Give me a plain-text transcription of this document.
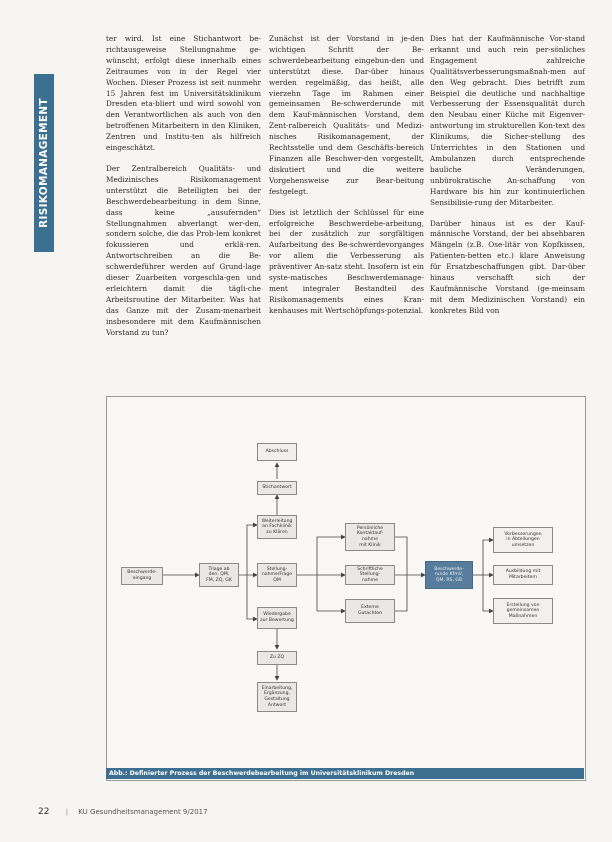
RISIKOMANAGEMENT

ter wird. Ist eine Stichantwort be-richtausgeweise Stellungnahme ge-wünscht, erfolgt diese innerhalb eines Zeitraumes von in der Regel vier Wochen. Dieser Prozess ist seit nunmehr 15 Jahren fest im Universitätsklinikum Dresden eta-bliert und wird sowohl von den Verantwortlichen als auch von den betroffenen Mitarbeitern in den Kliniken, Zentren und Institu-ten als hilfreich eingeschätzt.

Der Zentralbereich Qualitäts- und Medizinisches Risikomanagement unterstützt die Beteiligten bei der Beschwerdebearbeitung in dem Sinne, dass keine „ausufernden“ Stellungnahmen abverlangt wer-den, sondern solche, die das Prob-lem konkret fokussieren und erklä-ren. Antwortschreiben an die Be-schwerdeführer werden auf Grund-lage dieser Zuarbeiten vorgeschla-gen und erleichtern damit die tägli-che Arbeitsroutine der Mitarbeiter. Was hat das Ganze mit der Zusam-menarbeit insbesondere mit dem Kaufmännischen Vorstand zu tun?

Zunächst ist der Vorstand in je-den wichtigen Schritt der Be-schwerdebearbeitung eingebun-den und unterstützt diese. Dar-über hinaus werden regelmäßig, das heißt, alle vierzehn Tage im Rahmen einer gemeinsamen Be-schwerderunde mit dem Kauf-männischen Vorstand, dem Zent-ralbereich Qualitäts- und Medizi-nisches Risikomanagement, der Rechtsstelle und dem Geschäfts-bereich Finanzen alle Beschwer-den vorgestellt, diskutiert und die weitere Vorgehensweise zur Bear-beitung festgelegt.

Dies ist letztlich der Schlüssel für eine erfolgreiche Beschwerdebe-arbeitung, bei der zusätzlich zur sorgfältigen Aufarbeitung des Be-schwerdevorganges vor allem die Verbesserung als präventiver An-satz steht. Insofern ist ein syste-matisches Beschwerdemanage-ment integraler Bestandteil des Risikomanagements eines Kran-kenhauses mit Wertschöpfungs-potenzial.

Dies hat der Kaufmännische Vor-stand erkannt und auch rein per-sönliches Engagement zahlreiche Qualitätsverbesserungsmaßnah-men auf den Weg gebracht. Dies betrifft zum Beispiel die deutliche und nachhaltige Verbesserung der Essensqualität durch den Neubau einer Küche mit Eigenver-antwortung im strukturellen Kon-text des Klinikums, die Sicher-stellung des Unterrichtes in den Stationen und Ambulanzen durch entsprechende bauliche Veränderungen, unbürokratische An-schaffung von Hardware bis hin zur kontinuierlichen Sensibilisie-rung der Mitarbeiter.

Darüber hinaus ist es der Kauf-männische Vorstand, der bei absehbaren Mängeln (z.B. Ose-litär von Kopfkissen, Patienten-betten etc.) klare Anweisung für Ersatzbeschaffungen gibt. Dar-über hinaus verschafft sich der Kaufmännische Vorstand (ge-meinsam mit dem Medizinischen Vorstand) ein konkretes Bild von

Abschluss
Stichantwort
Weiterleitung
an Fachklinik
zu Klären
Beschwerde-
eingang
Triage ab
den. QM,
FM, ZQ, GK
Stellung-
nahme/Frage
QM
Wiedergabe
zur Bewertung
Zu ZQ
Einarbeitung,
Ergänzung,
Gestaltung
Antwort
Persönliche
Kontaktauf-
nahme
mit Klinik
Schriftliche
Stellung-
nahme
Externe
Gutachten
Beschwerde-
runde KfmV,
QM, RS, GB
Verbesserungen
in Abteilungen
umsetzen
Ausbildung mit
Mitarbeitern
Erstellung von
gemeinsamen
Maßnahmen
Abb.: Definierter Prozess der Beschwerdebearbeitung im Universitätsklinikum Dresden
22 | KU Gesundheitsmanagement 9/2017
